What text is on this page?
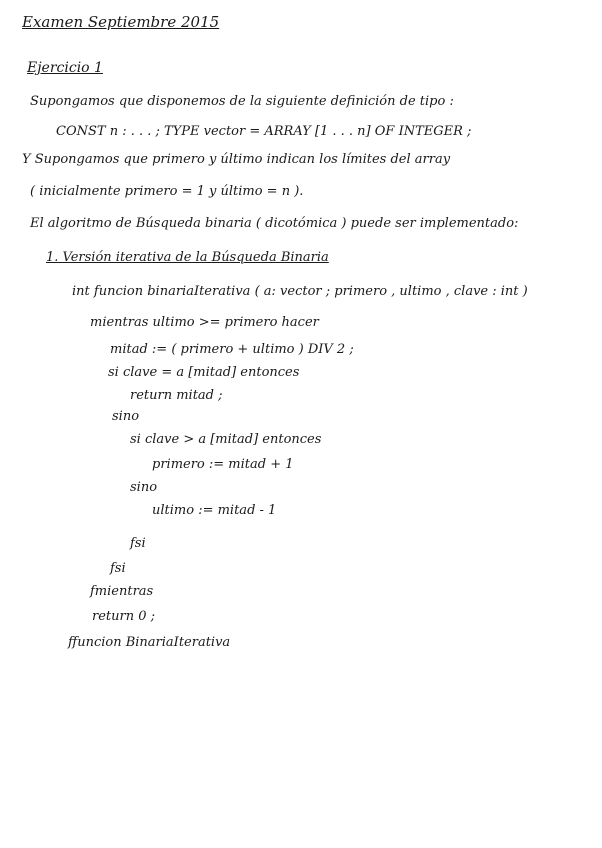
Examen Septiembre 2015
Ejercicio 1
Supongamos que disponemos de la siguiente definición de tipo :
CONST n : . . . ; TYPE vector = ARRAY [1 . . . n] OF INTEGER ;
Y Supongamos que primero y último indican los límites del array
( inicialmente primero = 1 y último = n ).
El algoritmo de Búsqueda binaria ( dicotómica ) puede ser implementado:
1. Versión iterativa de la Búsqueda Binaria
int funcion binariaIterativa ( a: vector ; primero , ultimo , clave : int )
mientras ultimo >= primero hacer
mitad := ( primero + ultimo ) DIV 2 ;
si clave = a [mitad] entonces
return mitad ;
sino
si clave > a [mitad] entonces
primero := mitad + 1
sino
ultimo := mitad - 1
fsi
fsi
fmientras
return 0 ;
ffuncion BinariaIterativa
